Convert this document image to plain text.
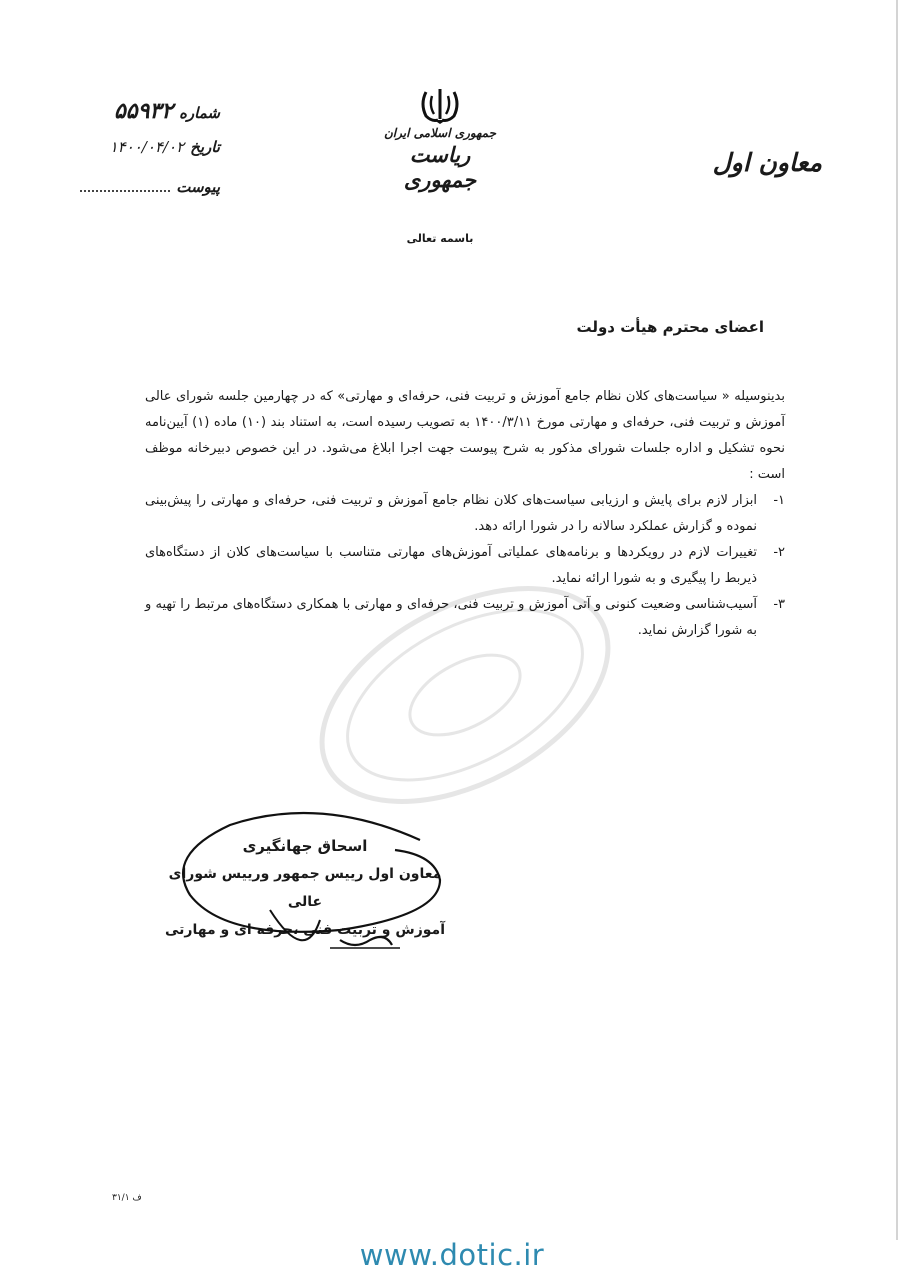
شماره
۵۵۹۳۲
تاریخ
۱۴۰۰/۰۴/۰۲
پیوست
جمهوری اسلامی ایران
ریاست جمهوری
معاون اول
باسمه تعالی
اعضای محترم هیأت دولت

بدینوسیله « سیاست‌های کلان نظام جامع آموزش و تربیت فنی، حرفه‌ای و مهارتی» که در چهارمین جلسه شورای عالی آموزش و تربیت فنی، حرفه‌ای و مهارتی مورخ ۱۴۰۰/۳/۱۱ به تصویب رسیده است، به استناد بند (۱۰) ماده (۱) آیین‌نامه نحوه تشکیل و اداره جلسات شورای مذکور به شرح پیوست جهت اجرا ابلاغ می‌شود. در این خصوص دبیرخانه موظف است :

۱-
ابزار لازم برای پایش و ارزیابی سیاست‌های کلان نظام جامع آموزش و تربیت فنی، حرفه‌ای و مهارتی را پیش‌بینی نموده و گزارش عملکرد سالانه را در شورا ارائه دهد.
۲-
تغییرات لازم در رویکردها و برنامه‌های عملیاتی آموزش‌های مهارتی متناسب با سیاست‌های کلان از دستگاه‌های ذیربط را پیگیری و به شورا ارائه نماید.
۳-
آسیب‌شناسی وضعیت کنونی و آتی آموزش و تربیت فنی، حرفه‌ای و مهارتی با همکاری دستگاه‌های مرتبط را تهیه و به شورا گزارش نماید.
اسحاق جهانگیری
معاون اول رییس جمهور ورییس شورای عالی
آموزش و تربیت فنی ،حرفه ای و مهارتی
۳۱/۱ ف
www.dotic.ir
